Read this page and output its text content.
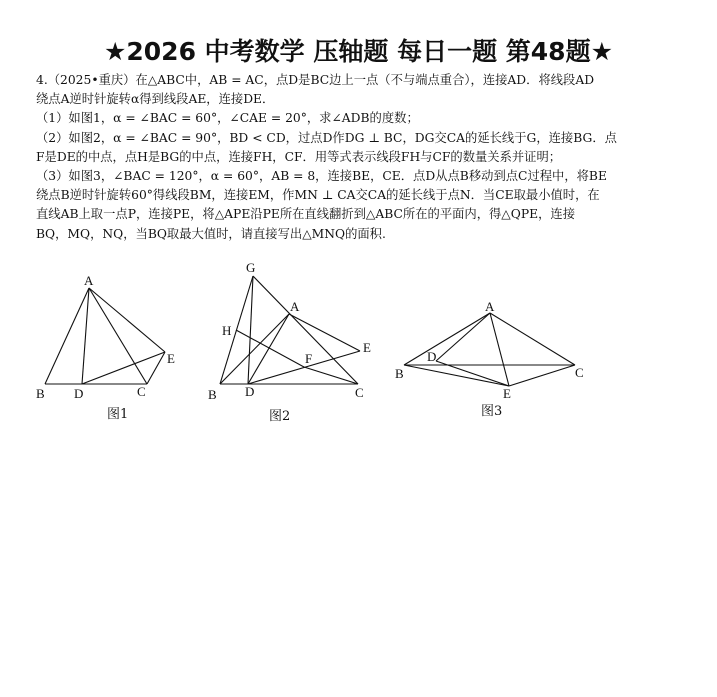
★2026 中考数学 压轴题 每日一题 第48题★
4.（2025•重庆）在△ABC中，AB = AC，点D是BC边上一点（不与端点重合），连接AD．将线段AD
绕点A逆时针旋转α得到线段AE，连接DE．
（1）如图1，α = ∠BAC = 60°，∠CAE = 20°，求∠ADB的度数；
（2）如图2，α = ∠BAC = 90°，BD < CD，过点D作DG ⊥ BC，DG交CA的延长线于G，连接BG．点
F是DE的中点，点H是BG的中点，连接FH，CF．用等式表示线段FH与CF的数量关系并证明；
（3）如图3，∠BAC = 120°，α = 60°，AB = 8，连接BE，CE．点D从点B移动到点C过程中，将BE
绕点B逆时针旋转60°得线段BM，连接EM，作MN ⊥ CA交CA的延长线于点N．当CE取最小值时，在
直线AB上取一点P，连接PE，将△APE沿PE所在直线翻折到△ABC所在的平面内，得△QPE，连接
BQ，MQ，NQ，当BQ取最大值时，请直接写出△MNQ的面积.
A
B D	C
E
G
H
A
E
F
B D	C
A
B
D
C
E
图1	图2	图3
